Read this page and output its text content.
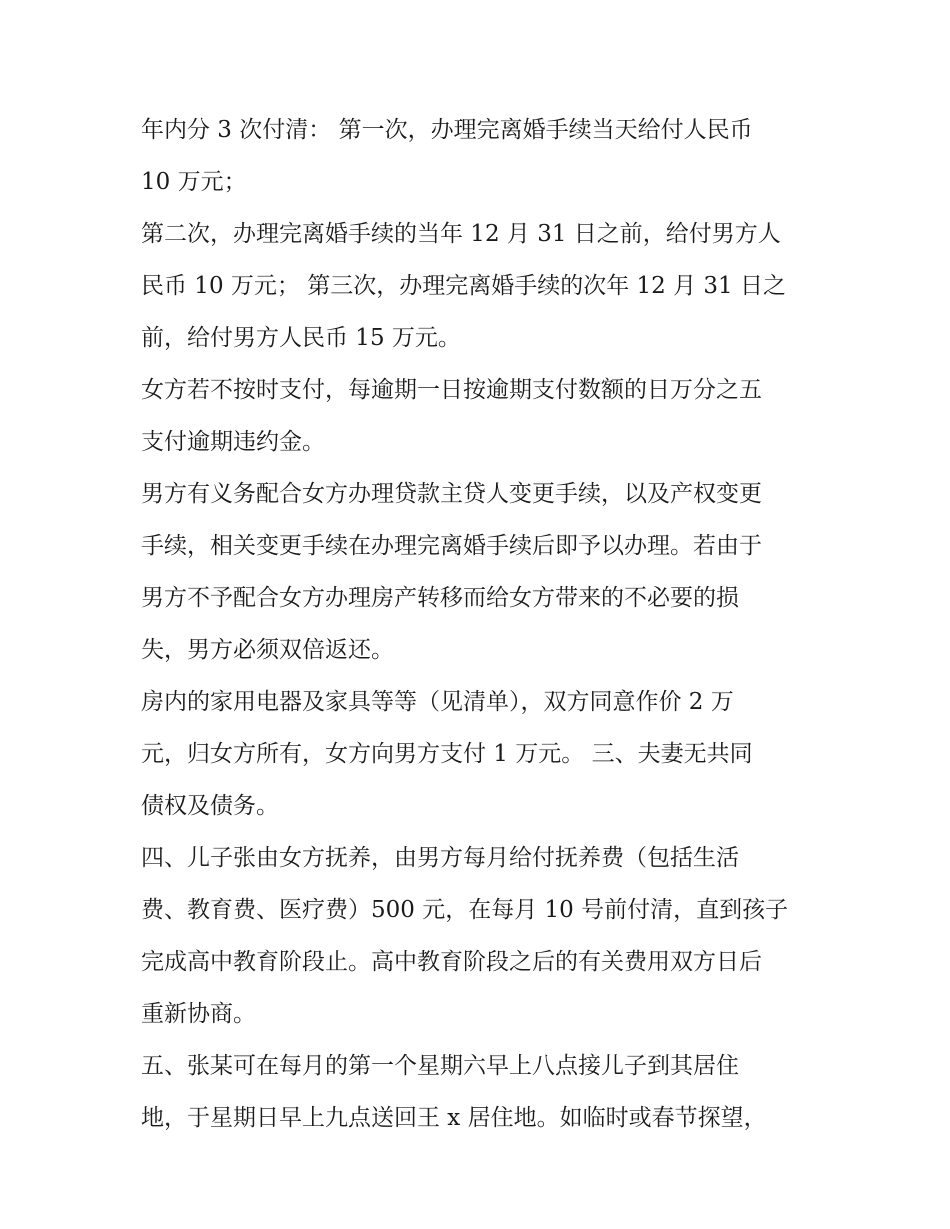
年内分 3 次付清： 第一次，办理完离婚手续当天给付人民币
10 万元；
第二次，办理完离婚手续的当年 12 月 31 日之前，给付男方人
民币 10 万元； 第三次，办理完离婚手续的次年 12 月 31 日之
前，给付男方人民币 15 万元。
女方若不按时支付，每逾期一日按逾期支付数额的日万分之五
支付逾期违约金。
男方有义务配合女方办理贷款主贷人变更手续，以及产权变更
手续，相关变更手续在办理完离婚手续后即予以办理。若由于
男方不予配合女方办理房产转移而给女方带来的不必要的损
失，男方必须双倍返还。
房内的家用电器及家具等等（见清单），双方同意作价 2 万
元，归女方所有，女方向男方支付 1 万元。 三、夫妻无共同
债权及债务。
四、儿子张由女方抚养，由男方每月给付抚养费（包括生活
费、教育费、医疗费）500 元，在每月 10 号前付清，直到孩子
完成高中教育阶段止。高中教育阶段之后的有关费用双方日后
重新协商。
五、张某可在每月的第一个星期六早上八点接儿子到其居住
地，于星期日早上九点送回王 x 居住地。如临时或春节探望，
